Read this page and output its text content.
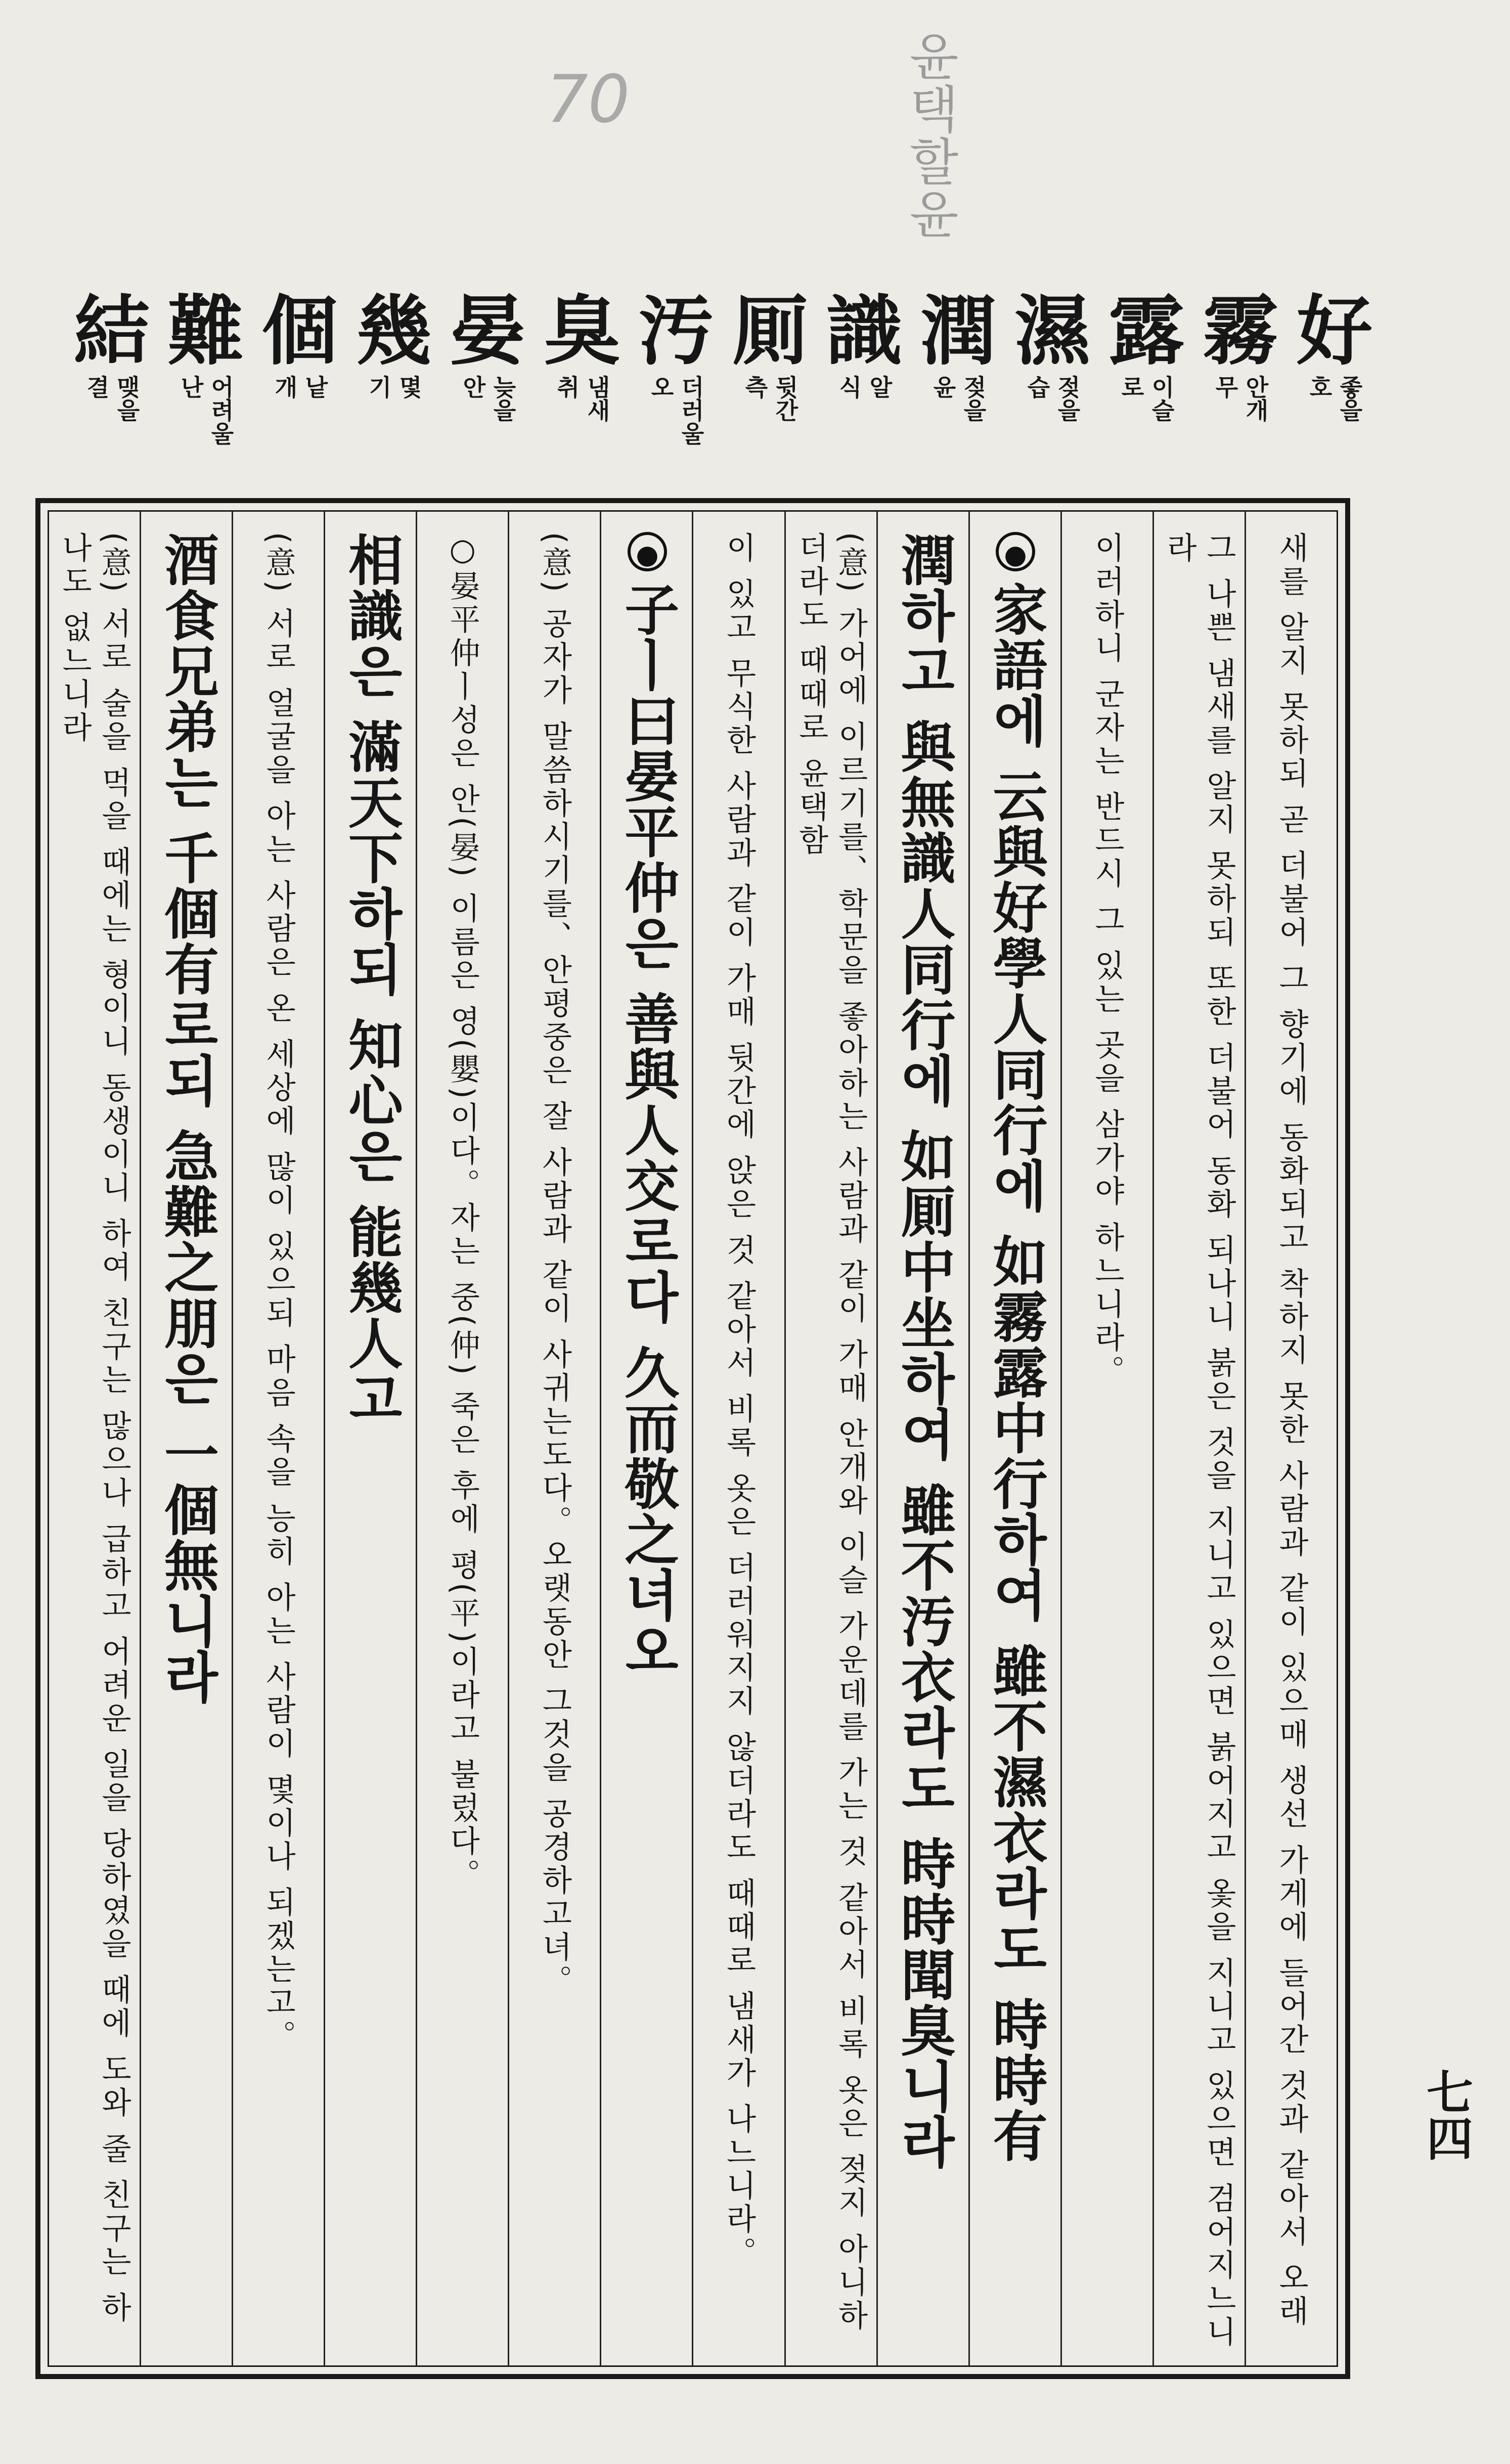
70	윤택할윤
好
좋을
호
霧
안개
무
露
이슬
로
濕
젖을
습
潤
젖을
윤
識
알
식
厠
뒷간
측
汚
더러울
오
臭
냄새
취
晏
늦을
안
幾
몇
기
個
낱
개
難
어려울
난
結
맺을
결

새를 알지 못하되 곧 더불어 그 향기에 동화되고 착하지 못한 사람과 같이 있으매 생선 가게에 들어간 것과 같아서 오래

그 나쁜 냄새를 알지 못하되 또한 더불어 동화 되나니 붉은 것을 지니고 있으면 붉어지고 옻을 지니고 있으면 검어지느니라

이러하니 군자는 반드시 그 있는 곳을 삼가야 하느니라。

家語에 云與好學人同行에 如霧露中行하여 雖不濕衣라도 時時有

潤하고 與無識人同行에 如厠中坐하여 雖不汚衣라도 時時聞臭니라

(意) 가어에 이르기를、학문을 좋아하는 사람과 같이 가매 안개와 이슬 가운데를 가는 것 같아서 비록 옷은 젖지 아니하더라도 때때로 윤택함

이 있고 무식한 사람과 같이 가매 뒷간에 앉은 것 같아서 비록 옷은 더러워지지 않더라도 때때로 냄새가 나느니라。

子ㅣ曰晏平仲은 善與人交로다 久而敬之녀오

(意) 공자가 말씀하시기를、안평중은 잘 사람과 같이 사귀는도다。오랫동안 그것을 공경하고녀。

○晏平仲ㅣ성은 안(晏) 이름은 영(嬰)이다。자는 중(仲) 죽은 후에 평(平)이라고 불렀다。

相識은 滿天下하되 知心은 能幾人고

(意) 서로 얼굴을 아는 사람은 온 세상에 많이 있으되 마음 속을 능히 아는 사람이 몇이나 되겠는고。

酒食兄弟는 千個有로되 急難之朋은 一個無니라

(意) 서로 술을 먹을 때에는 형이니 동생이니 하여 친구는 많으나 급하고 어려운 일을 당하였을 때에 도와 줄 친구는 하나도 없느니라

七四
